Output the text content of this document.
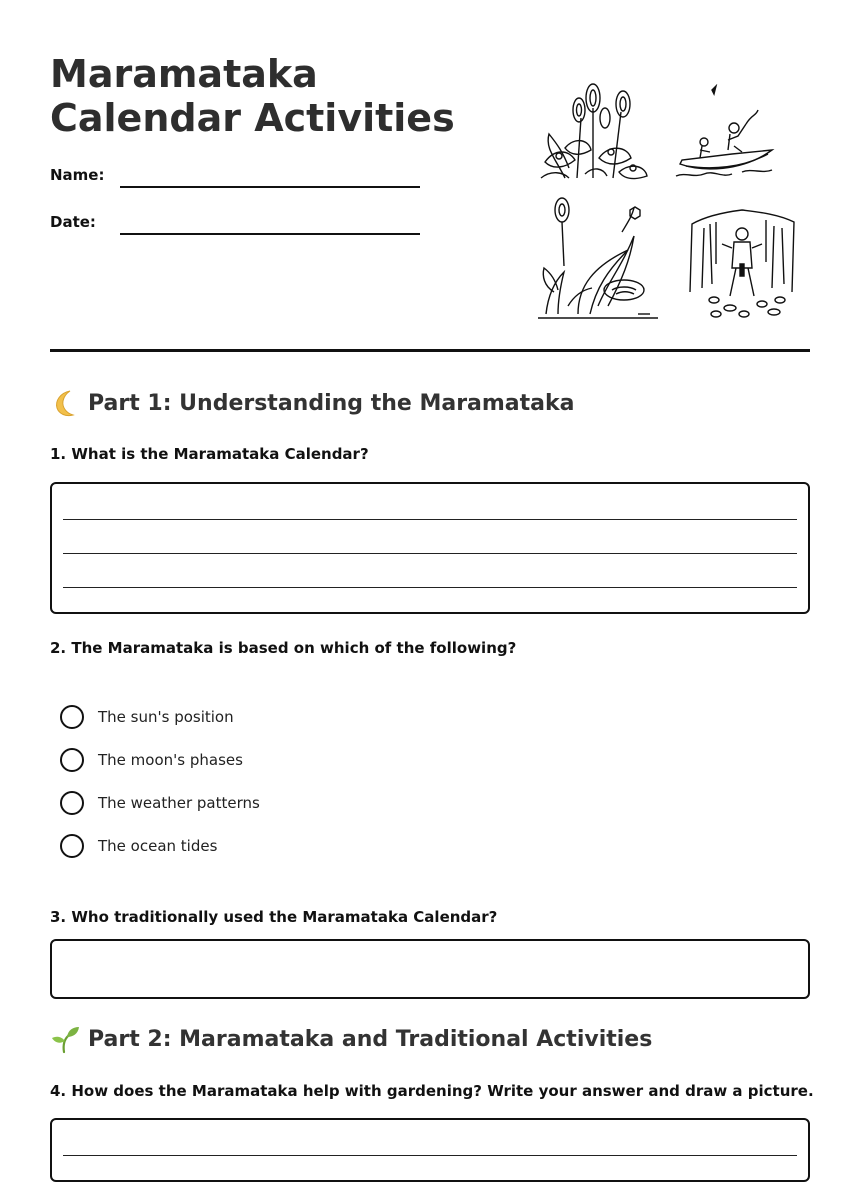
Maramataka Calendar Activities
Name:
Date:
Part 1: Understanding the Maramataka
1. What is the Maramataka Calendar?
2. The Maramataka is based on which of the following?
The sun's position
The moon's phases
The weather patterns
The ocean tides
3. Who traditionally used the Maramataka Calendar?
Part 2: Maramataka and Traditional Activities
4. How does the Maramataka help with gardening? Write your answer and draw a picture.
